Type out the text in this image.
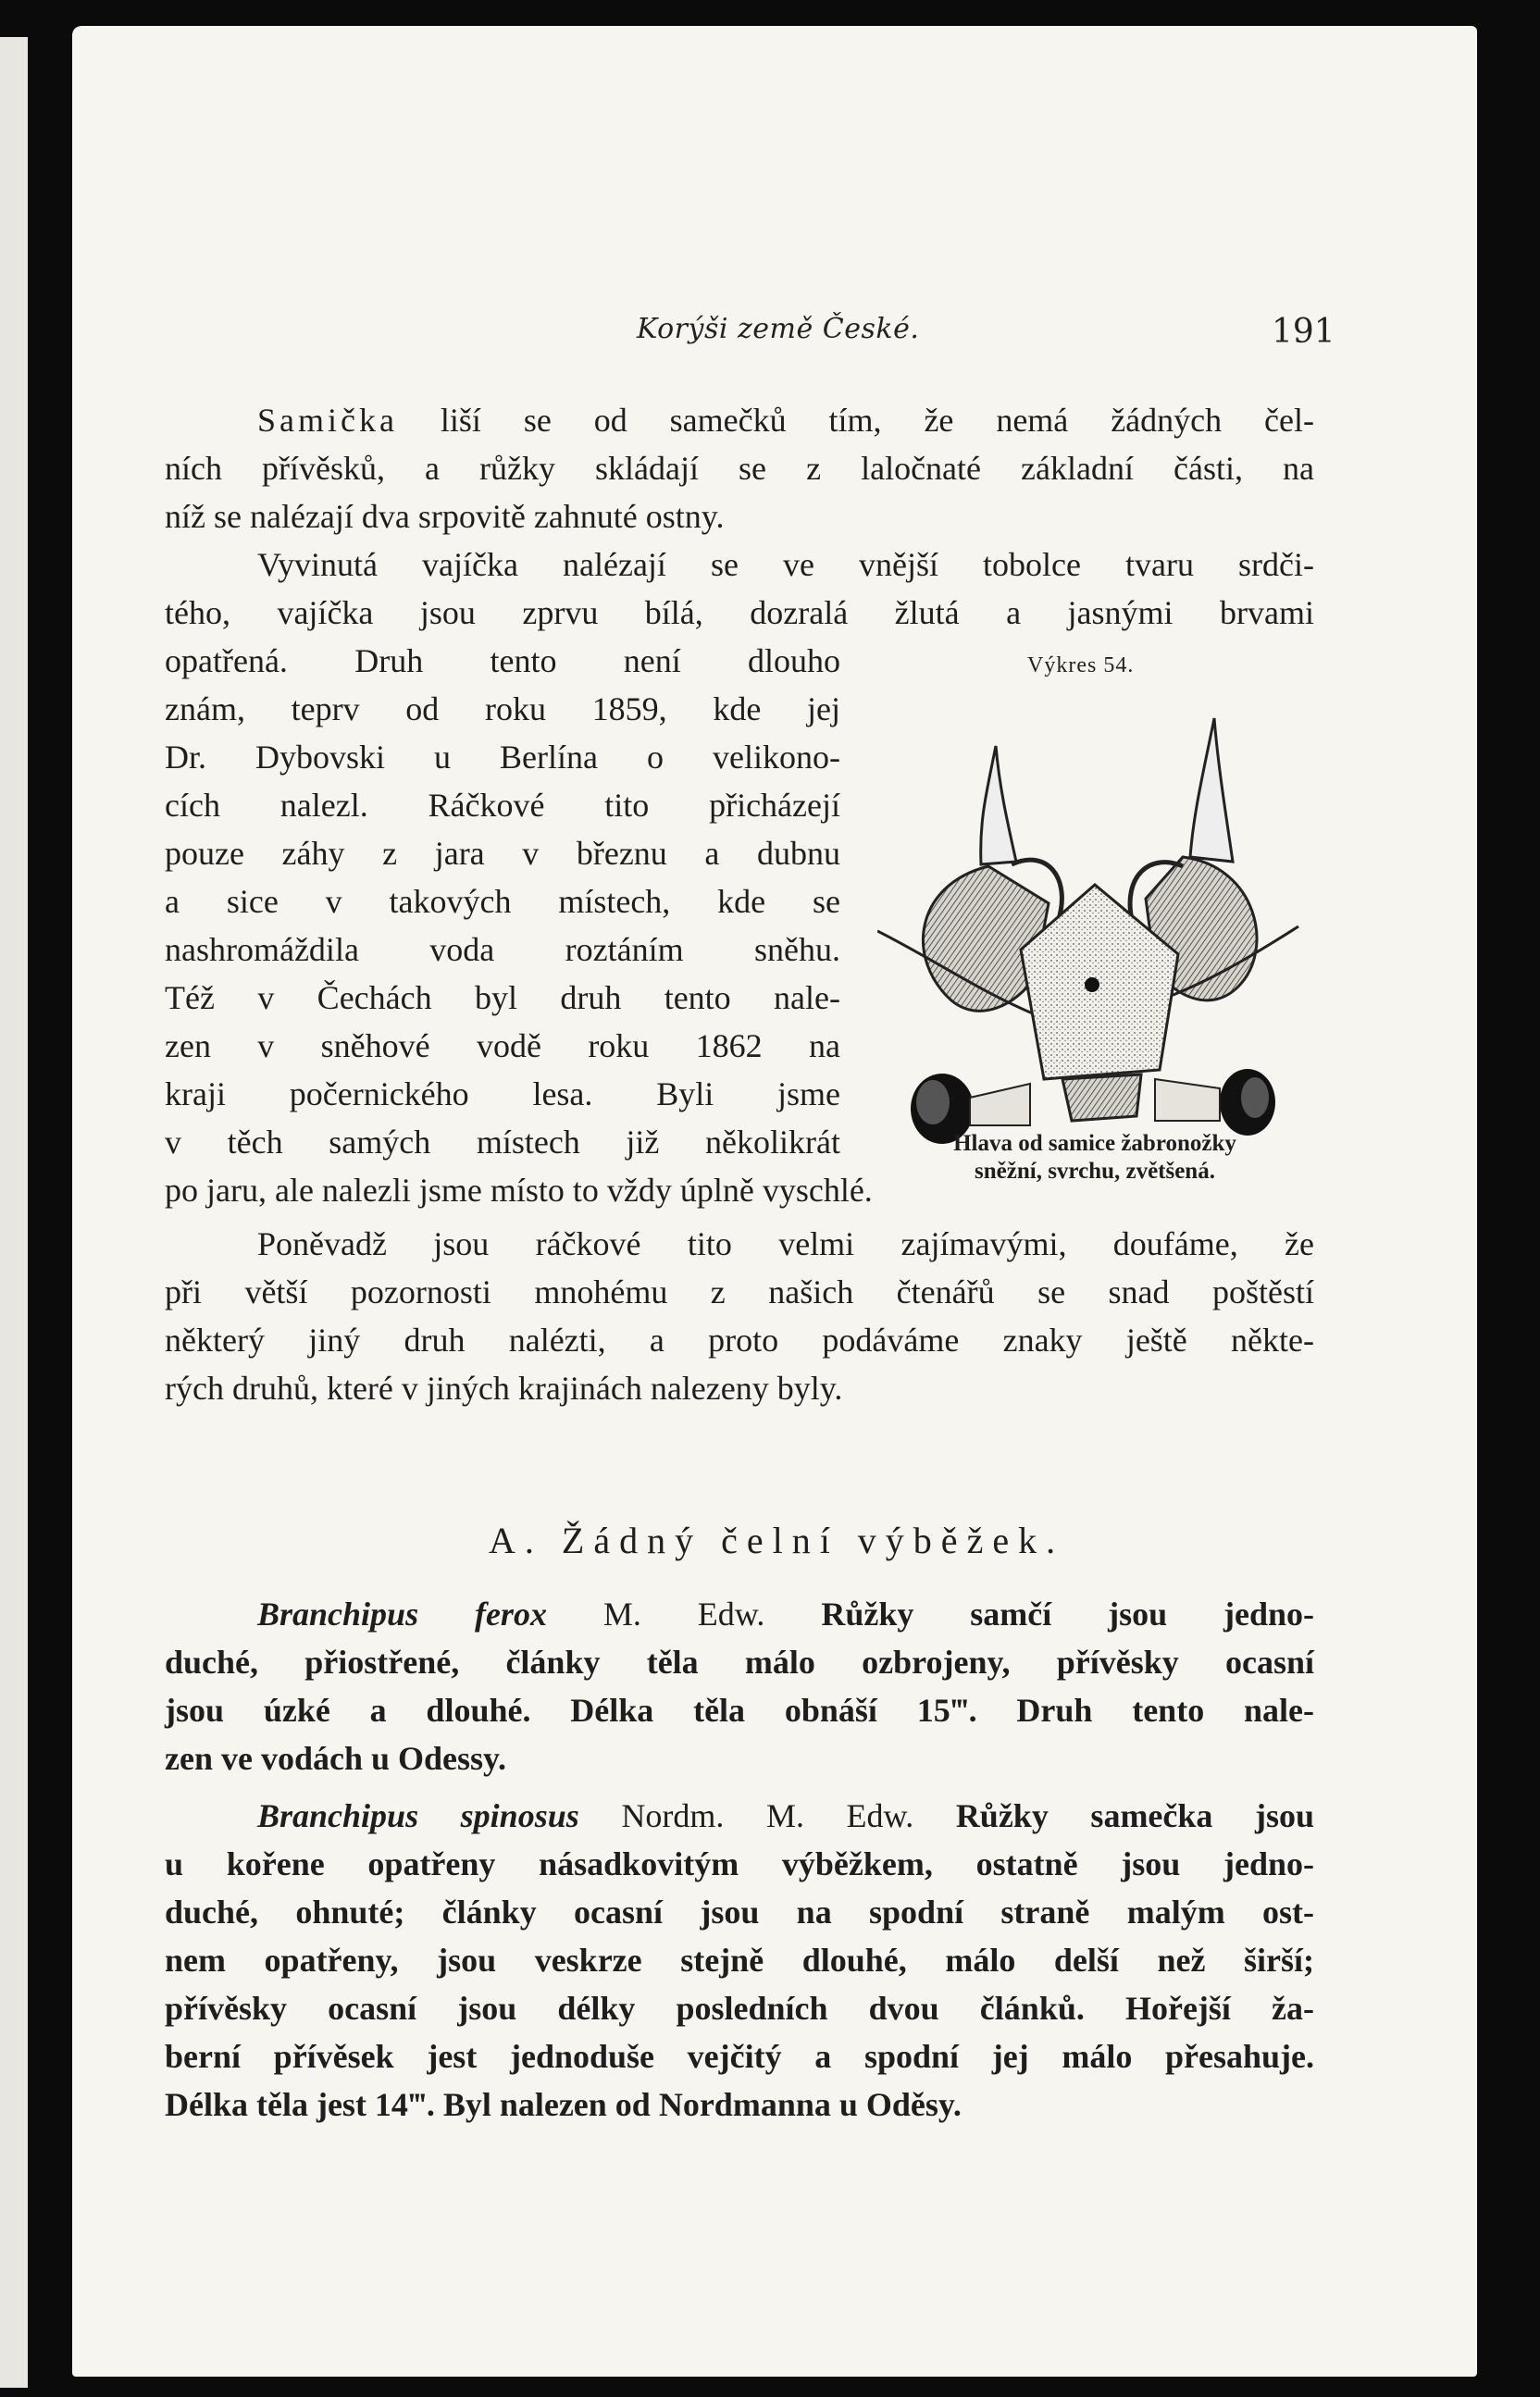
Korýši země České.	191
Samička liší se od samečků tím, že nemá žádných čel-
ních přívěsků, a růžky skládají se z laločnaté základní části, na
níž se nalézají dva srpovitě zahnuté ostny.
Vyvinutá vajíčka nalézají se ve vnější tobolce tvaru srdči-
tého, vajíčka jsou zprvu bílá, dozralá žlutá a jasnými brvami
opatřená. Druh tento není dlouho
znám, teprv od roku 1859, kde jej
Dr. Dybovski u Berlína o velikono-
cích nalezl. Ráčkové tito přicházejí
pouze záhy z jara v březnu a dubnu
a sice v takových místech, kde se
nashromáždila voda roztáním sněhu.
Též v Čechách byl druh tento nale-
zen v sněhové vodě roku 1862 na
kraji počernického lesa. Byli jsme
v těch samých místech již několikrát
po jaru, ale nalezli jsme místo to vždy úplně vyschlé.
Výkres 54.
Hlava od samice žabronožky
sněžní, svrchu, zvětšená.
Poněvadž jsou ráčkové tito velmi zajímavými, doufáme, že
při větší pozornosti mnohému z našich čtenářů se snad poštěstí
některý jiný druh nalézti, a proto podáváme znaky ještě někte-
rých druhů, které v jiných krajinách nalezeny byly.
A. Žádný čelní výběžek.
Branchipus ferox M. Edw. Růžky samčí jsou jedno-
duché, přiostřené, články těla málo ozbrojeny, přívěsky ocasní
jsou úzké a dlouhé. Délka těla obnáší 15‴. Druh tento nale-
zen ve vodách u Odessy.
Branchipus spinosus Nordm. M. Edw. Růžky samečka jsou
u kořene opatřeny násadkovitým výběžkem, ostatně jsou jedno-
duché, ohnuté; články ocasní jsou na spodní straně malým ost-
nem opatřeny, jsou veskrze stejně dlouhé, málo delší než širší;
přívěsky ocasní jsou délky posledních dvou článků. Hořejší ža-
berní přívěsek jest jednoduše vejčitý a spodní jej málo přesahuje.
Délka těla jest 14‴. Byl nalezen od Nordmanna u Oděsy.
